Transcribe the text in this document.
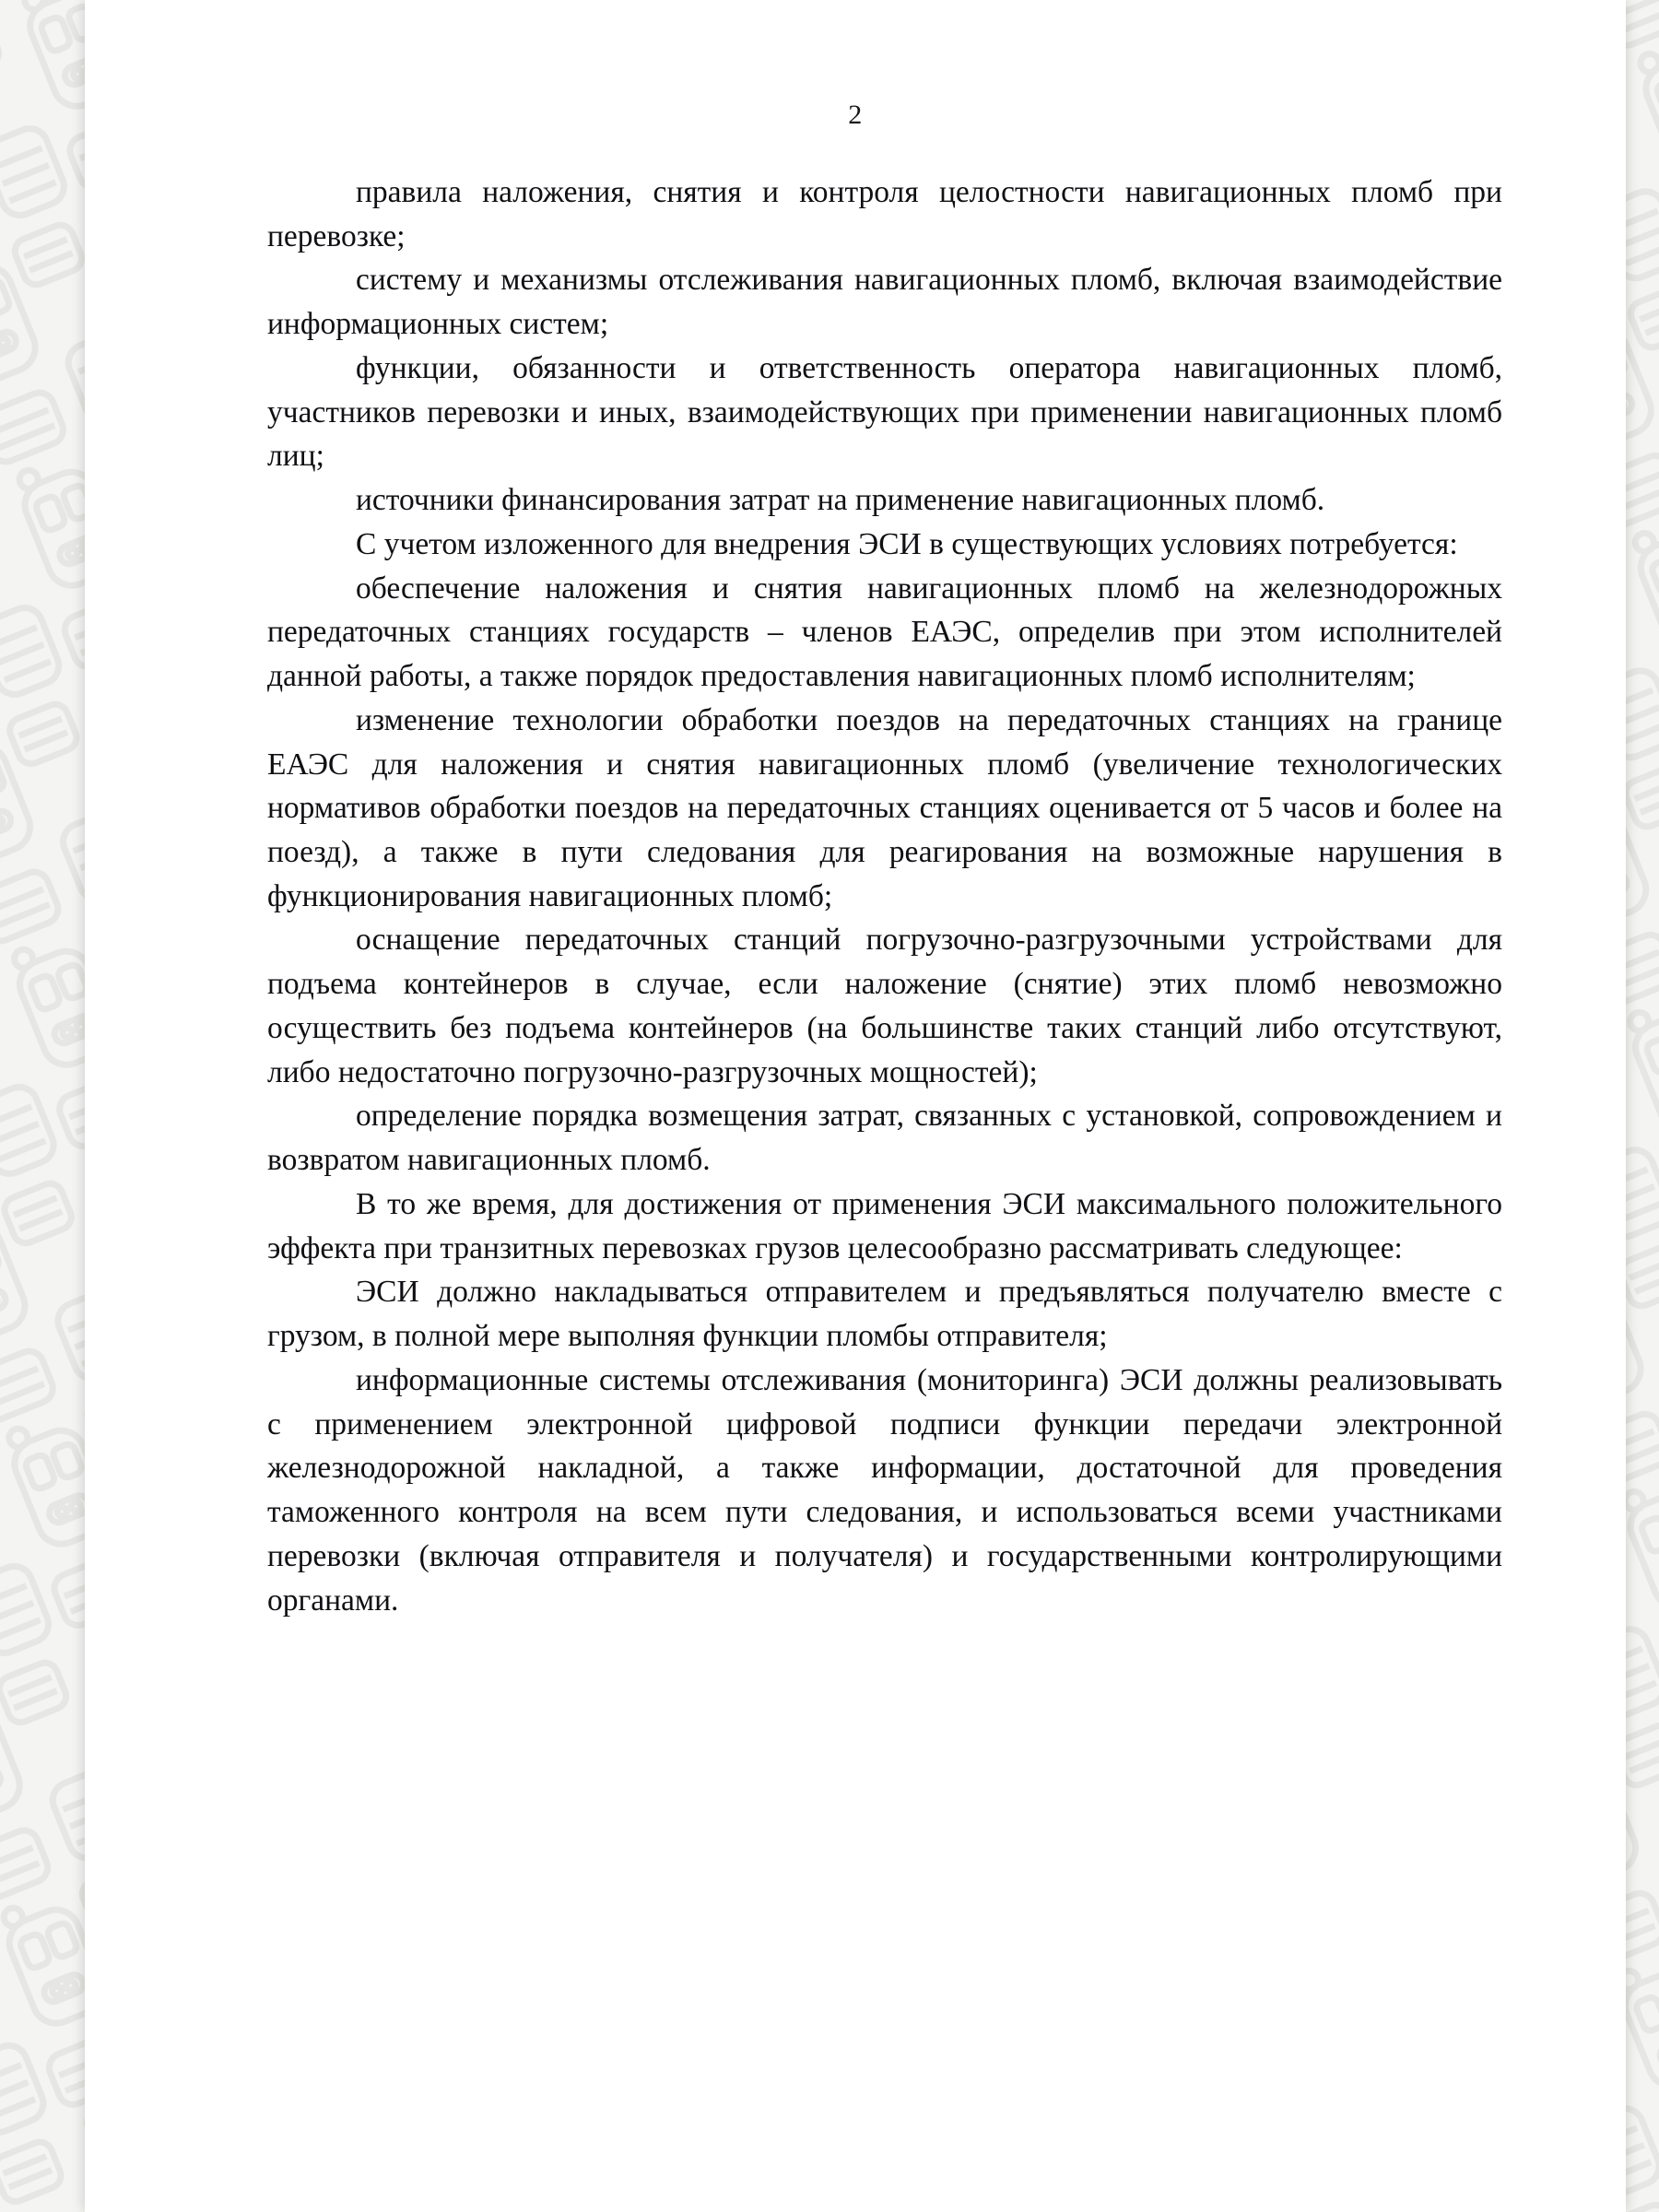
2

правила наложения, снятия и контроля целостности навигационных пломб при перевозке;

систему и механизмы отслеживания навигационных пломб, включая взаимодействие информационных систем;

функции, обязанности и ответственность оператора навигационных пломб, участников перевозки и иных, взаимодействующих при применении навигационных пломб лиц;

источники финансирования затрат на применение навигационных пломб.

С учетом изложенного для внедрения ЭСИ в существующих условиях потребуется:

обеспечение наложения и снятия навигационных пломб на железнодорожных передаточных станциях государств – членов ЕАЭС, определив при этом исполнителей данной работы, а также порядок предоставления навигационных пломб исполнителям;

изменение технологии обработки поездов на передаточных станциях на границе ЕАЭС для наложения и снятия навигационных пломб (увеличение технологических нормативов обработки поездов на передаточных станциях оценивается от 5 часов и более на поезд), а также в пути следования для реагирования на возможные нарушения в функционирования навигационных пломб;

оснащение передаточных станций погрузочно-разгрузочными устройствами для подъема контейнеров в случае, если наложение (снятие) этих пломб невозможно осуществить без подъема контейнеров (на большинстве таких станций либо отсутствуют, либо недостаточно погрузочно-разгрузочных мощностей);

определение порядка возмещения затрат, связанных с установкой, сопровождением и возвратом навигационных пломб.

В то же время, для достижения от применения ЭСИ максимального положительного эффекта при транзитных перевозках грузов целесообразно рассматривать следующее:

ЭСИ должно накладываться отправителем и предъявляться получателю вместе с грузом, в полной мере выполняя функции пломбы отправителя;

информационные системы отслеживания (мониторинга) ЭСИ должны реализовывать с применением электронной цифровой подписи функции передачи электронной железнодорожной накладной, а также информации, достаточной для проведения таможенного контроля на всем пути следования, и использоваться всеми участниками перевозки (включая отправителя и получателя) и государственными контролирующими органами.
